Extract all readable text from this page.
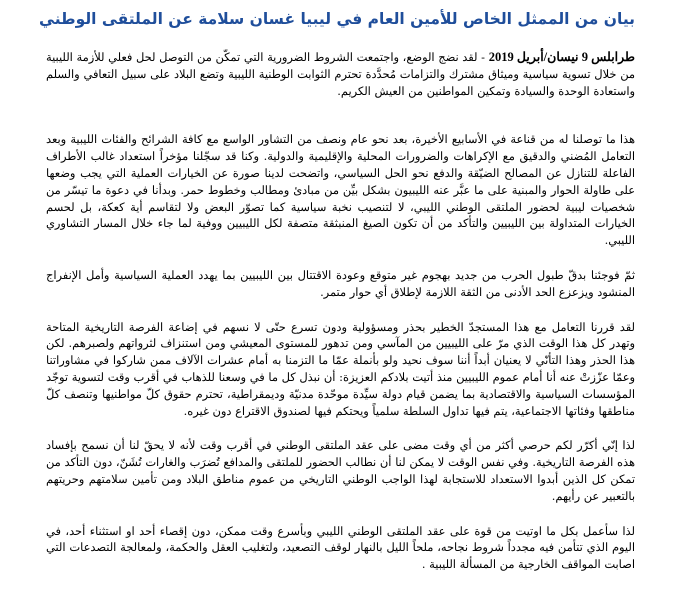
بيان من الممثل الخاص للأمين العام في ليبيا غسان سلامة عن الملتقى الوطني

طرابلس 9 نيسان/أبريل 2019 - لقد نضج الوضع، واجتمعت الشروط الضرورية التي تمكّن من التوصل لحل فعلي للأزمة الليبية من خلال تسوية سياسية وميثاق مشترك والتزامات مُحدَّدة تحترم الثوابت الوطنية الليبية وتضع البلاد على سبيل التعافي والسلم واستعادة الوحدة والسيادة وتمكين المواطنين من العيش الكريم.

هذا ما توصلنا له من قناعة في الأسابيع الأخيرة، بعد نحو عام ونصف من التشاور الواسع مع كافة الشرائح والفئات الليبية وبعد التعامل المُضني والدقيق مع الإكراهات والضرورات المحلية والإقليمية والدولية. وكنا قد سجّلنا مؤخراً استعداد غالب الأطراف الفاعلة للتنازل عن المصالح الضيّقة والدفع نحو الحل السياسي، واتضحت لدينا صورة عن الخيارات العملية التي يجب وضعها على طاولة الحوار والمبنية على ما عبَّر عنه الليبيون بشكل بيِّن من مبادئ ومطالب وخطوط حمر. وبدأنا في دعوة ما تيسّر من شخصيات ليبية لحضور الملتقى الوطني الليبي، لا لتنصيب نخبة سياسية كما تصوّر البعض ولا لتقاسم أية كعكة، بل لحسم الخيارات المتداولة بين الليبيين والتأكد من أن تكون الصيغ المنبثقة متصفة لكل الليبيين ووفية لما جاء خلال المسار التشاوري الليبي.

ثمّ فوجئنا بدقّ طبول الحرب من جديد بهجوم غير متوقع وعودة الاقتتال بين الليبيين بما يهدد العملية السياسية وأمل الإنفراج المنشود ويزعزع الحد الأدنى من الثقة اللازمة لإطلاق أي حوار متمر.

لقد قررنا التعامل مع هذا المستجدّ الخطير بحذر ومسؤولية ودون تسرع حتّى لا نسهم في إضاعة الفرصة التاريخية المتاحة وتهدر كل هذا الوقت الذي مرّ على الليبيين من المآسي ومن تدهور للمستوى المعيشي ومن استنزاف لثرواتهم ولصبرهم. لكن هذا الحذر وهذا التأنّي لا يعنيان أبداً أننا سوف نحيد ولو بأنملة عمّا ما التزمنا به أمام عشرات الآلاف ممن شاركوا في مشاوراتنا وعمّا عزّزتْ عنه أنا أمام عموم الليبيين منذ أتيت بلادكم العزيزة: أن نبذل كل ما في وسعنا للذهاب في أقرب وقت لتسوية توجّد المؤسسات السياسية والاقتصادية بما يضمن قيام دولة سيِّدة موحّدة مدنيّة وديمقراطية، تحترم حقوق كلّ مواطنيها وتنصف كلّ مناطقها وفئاتها الاجتماعية، يتم فيها تداول السلطة سلمياً ويحتكم فيها لصندوق الاقتراع دون غيره.

لذا إنّي أكرّر لكم حرصي أكثر من أي وقت مضى على عقد الملتقى الوطني في أقرب وقت لأنه لا يحقّ لنا أن نسمح بإفساد هذه الفرصة التاريخية. وفي نفس الوقت لا يمكن لنا أن نطالب الحضور للملتقى والمدافع تُضرَب والغارات تُشَنّ، دون التأكد من تمكن كل الذين أبدوا الاستعداد للاستجابة لهذا الواجب الوطني التاريخي من عموم مناطق البلاد ومن تأمين سلامتهم وحريتهم بالتعبير عن رأيهم.

لذا سأعمل بكل ما اوتيت من قوة على عقد الملتقى الوطني الليبي وبأسرع وقت ممكن، دون إقصاء أحد او استثناء أحد، في اليوم الذي تتأمن فيه مجدداً شروط نجاحه، ملحاً الليل بالنهار لوقف التصعيد، ولتغليب العقل والحكمة، ولمعالجة التصدعات التي اصابت المواقف الخارجية من المسألة الليبية .
